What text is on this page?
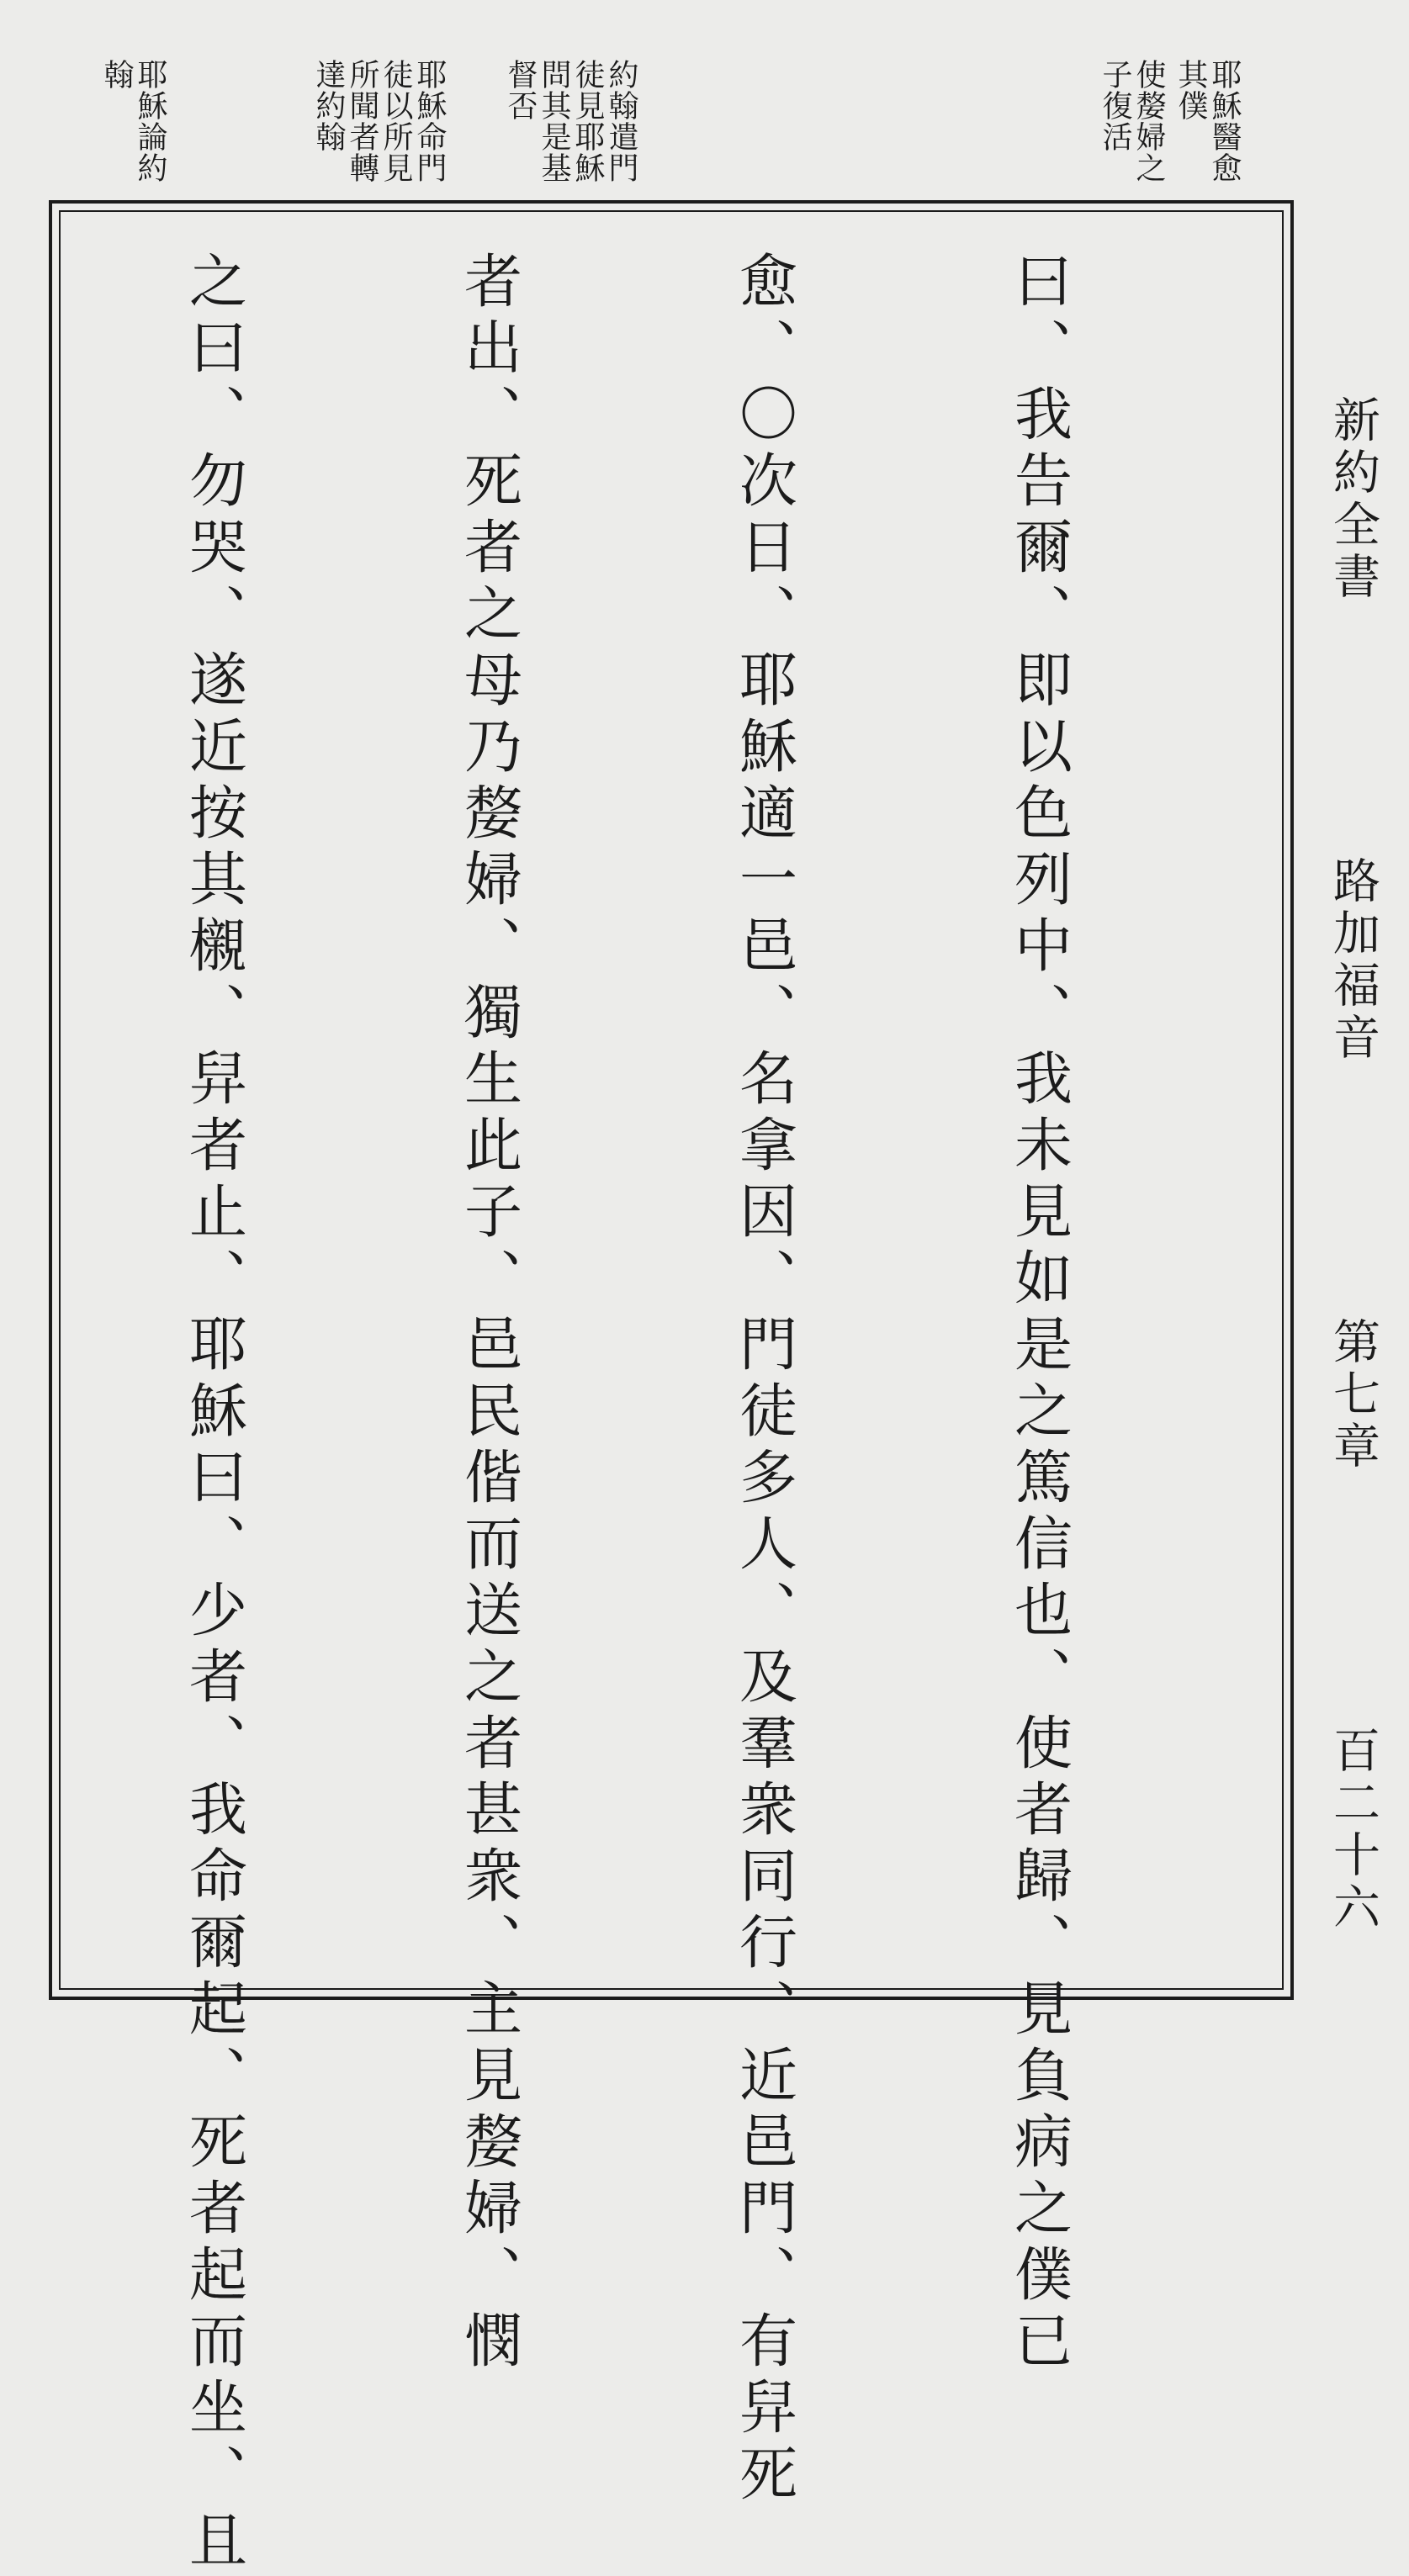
新約全書
路加福音
第七章
百二十六
耶穌醫愈
其僕
使嫠婦之
子復活
約翰遣門
徒見耶穌
問其是基
督否
耶穌命門
徒以所見
所聞者轉
達約翰
耶穌論約
翰

曰、我告爾、即以色列中、我未見如是之篤信也、使者歸、見負病之僕已

愈、〇次日、耶穌適一邑、名拿因、門徒多人、及羣衆同行、近邑門、有舁死

者出、死者之母乃嫠婦、獨生此子、邑民偕而送之者甚衆、主見嫠婦、憫

之曰、勿哭、遂近按其櫬、舁者止、耶穌曰、少者、我命爾起、死者起而坐、且
